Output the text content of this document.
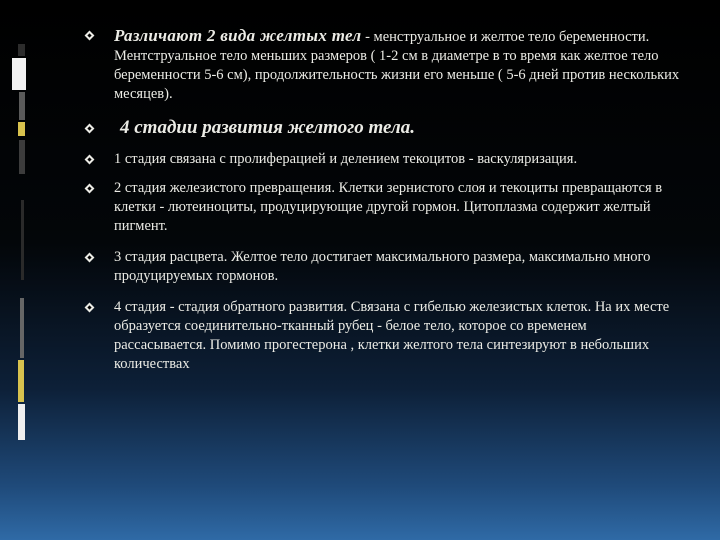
Различают 2 вида желтых тел - менструальное и желтое тело беременности. Ментструальное тело меньших размеров ( 1-2 см в диаметре в то время как желтое тело беременности 5-6 см), продолжительность жизни его меньше ( 5-6 дней против нескольких месяцев).
4 стадии развития желтого тела.
1 стадия связана с пролиферацией и делением текоцитов - васкуляризация.
2 стадия железистого превращения. Клетки зернистого слоя и текоциты превращаются в клетки - лютеиноциты, продуцирующие другой гормон. Цитоплазма содержит желтый пигмент.
3 стадия расцвета. Желтое тело достигает максимального размера, максимально много продуцируемых гормонов.
4 стадия - стадия обратного развития. Связана с гибелью железистых клеток. На их месте образуется соединительно-тканный рубец - белое тело, которое со временем рассасывается. Помимо прогестерона , клетки желтого тела синтезируют в небольших количествах
